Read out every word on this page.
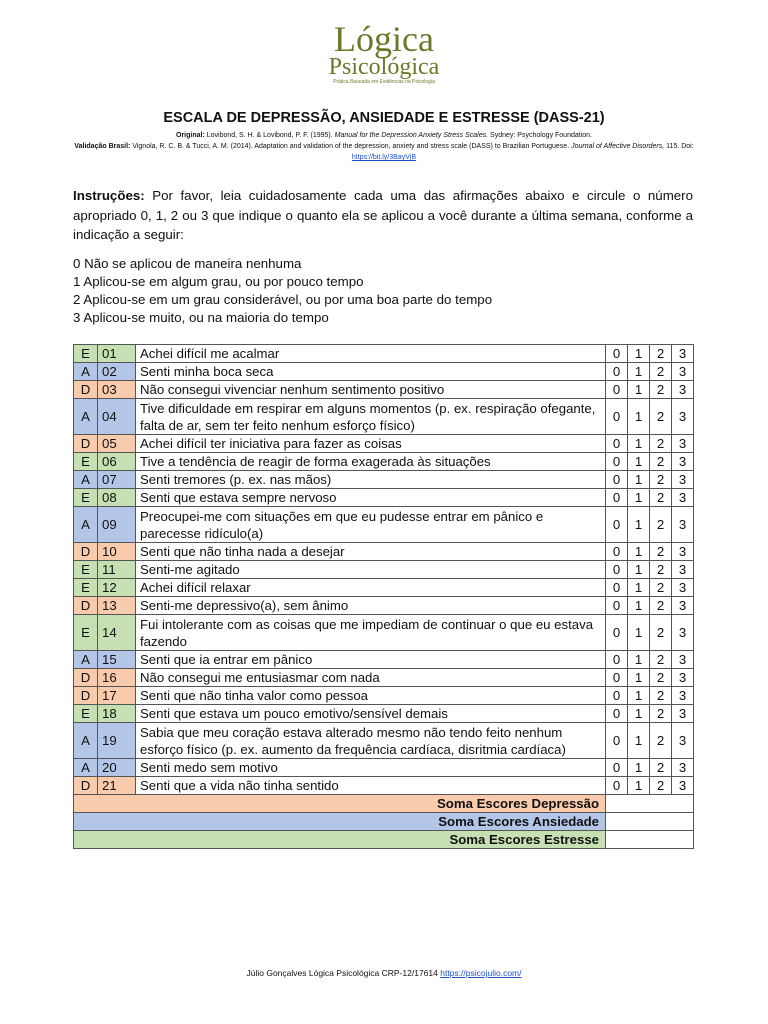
Lógica
Psicológica
Prática Baseada em Evidências na Psicologia
ESCALA DE DEPRESSÃO, ANSIEDADE E ESTRESSE (DASS-21)
Original: Lovibond, S. H. & Lovibond, P. F. (1995). Manual for the Depression Anxiety Stress Scales. Sydney: Psychology Foundation.
Validação Brasil: Vignola, R. C. B. & Tucci, A. M. (2014). Adaptation and validation of the depression, anxiety and stress scale (DASS) to Brazilian Portuguese. Journal of Affective Disorders, 115. Doi: https://bit.ly/3BayVjB
Instruções: Por favor, leia cuidadosamente cada uma das afirmações abaixo e circule o número apropriado 0, 1, 2 ou 3 que indique o quanto ela se aplicou a você durante a última semana, conforme a indicação a seguir:
0 Não se aplicou de maneira nenhuma
1 Aplicou-se em algum grau, ou por pouco tempo
2 Aplicou-se em um grau considerável, ou por uma boa parte do tempo
3 Aplicou-se muito, ou na maioria do tempo
E	01	Achei difícil me acalmar	0	1	2	3
A	02	Senti minha boca seca	0	1	2	3
D	03	Não consegui vivenciar nenhum sentimento positivo	0	1	2	3
A	04	Tive dificuldade em respirar em alguns momentos (p. ex. respiração ofegante, falta de ar, sem ter feito nenhum esforço físico)	0	1	2	3
D	05	Achei difícil ter iniciativa para fazer as coisas	0	1	2	3
E	06	Tive a tendência de reagir de forma exagerada às situações	0	1	2	3
A	07	Senti tremores (p. ex. nas mãos)	0	1	2	3
E	08	Senti que estava sempre nervoso	0	1	2	3
A	09	Preocupei-me com situações em que eu pudesse entrar em pânico e parecesse ridículo(a)	0	1	2	3
D	10	Senti que não tinha nada a desejar	0	1	2	3
E	11	Senti-me agitado	0	1	2	3
E	12	Achei difícil relaxar	0	1	2	3
D	13	Senti-me depressivo(a), sem ânimo	0	1	2	3
E	14	Fui intolerante com as coisas que me impediam de continuar o que eu estava fazendo	0	1	2	3
A	15	Senti que ia entrar em pânico	0	1	2	3
D	16	Não consegui me entusiasmar com nada	0	1	2	3
D	17	Senti que não tinha valor como pessoa	0	1	2	3
E	18	Senti que estava um pouco emotivo/sensível demais	0	1	2	3
A	19	Sabia que meu coração estava alterado mesmo não tendo feito nenhum esforço físico (p. ex. aumento da frequência cardíaca, disritmia cardíaca)	0	1	2	3
A	20	Senti medo sem motivo	0	1	2	3
D	21	Senti que a vida não tinha sentido	0	1	2	3
Soma Escores Depressão						
Soma Escores Ansiedade						
Soma Escores Estresse						
Júlio Gonçalves Lógica Psicológica CRP-12/17614 https://psicojulio.com/
